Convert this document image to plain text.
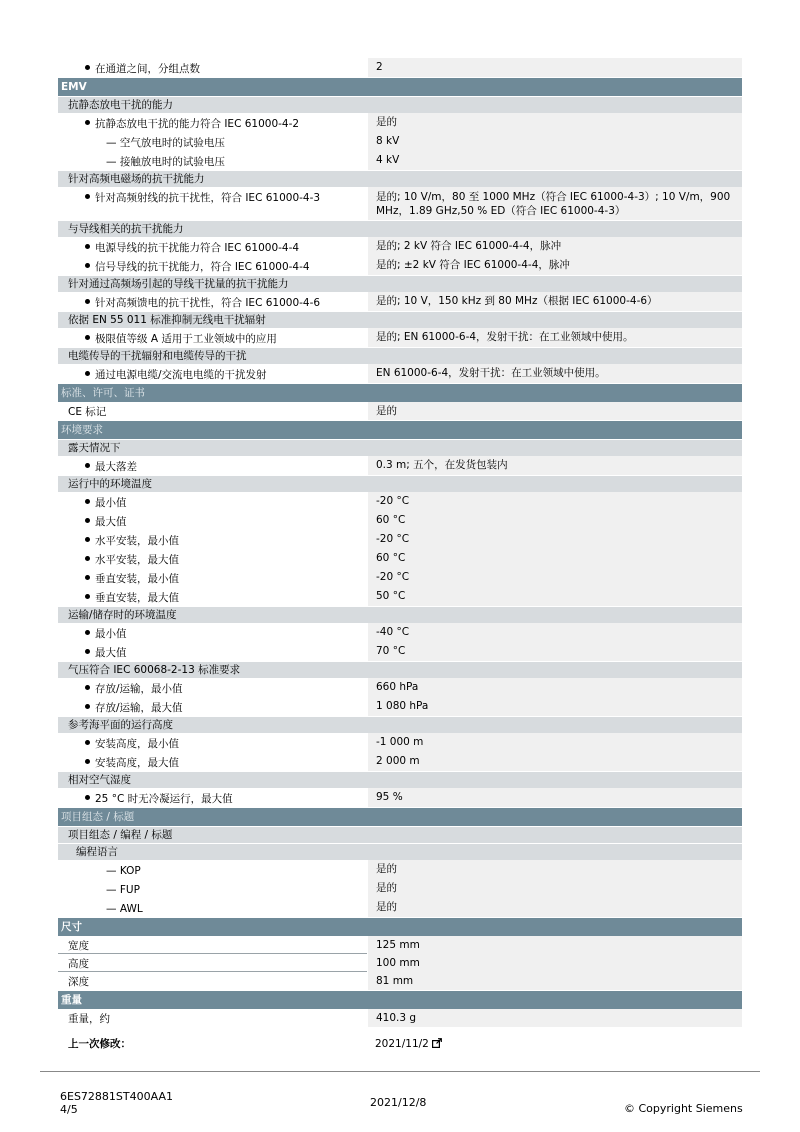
在通道之间，分组点数	2
EMV
抗静态放电干扰的能力
抗静态放电干扰的能力符合 IEC 61000-4-2	是的
— 空气放电时的试验电压	8 kV
— 接触放电时的试验电压	4 kV
针对高频电磁场的抗干扰能力
针对高频射线的抗干扰性，符合 IEC 61000-4-3	是的; 10 V/m，80 至 1000 MHz（符合 IEC 61000-4-3）; 10 V/m，900 MHz，1.89 GHz,50 % ED（符合 IEC 61000-4-3）
与导线相关的抗干扰能力
电源导线的抗干扰能力符合 IEC 61000-4-4	是的; 2 kV 符合 IEC 61000-4-4，脉冲
信号导线的抗干扰能力，符合 IEC 61000-4-4	是的; ±2 kV 符合 IEC 61000-4-4，脉冲
针对通过高频场引起的导线干扰量的抗干扰能力
针对高频馈电的抗干扰性，符合 IEC 61000-4-6	是的; 10 V，150 kHz 到 80 MHz（根据 IEC 61000-4-6）
依据 EN 55 011 标准抑制无线电干扰辐射
极限值等级 A 适用于工业领域中的应用	是的; EN 61000-6-4，发射干扰：在工业领域中使用。
电缆传导的干扰辐射和电缆传导的干扰
通过电源电缆/交流电电缆的干扰发射	EN 61000-6-4，发射干扰：在工业领域中使用。
标准、许可、证书
CE 标记	是的
环境要求
露天情况下
最大落差	0.3 m; 五个，在发货包装内
运行中的环境温度
最小值	-20 °C
最大值	60 °C
水平安装，最小值	-20 °C
水平安装，最大值	60 °C
垂直安装，最小值	-20 °C
垂直安装，最大值	50 °C
运输/储存时的环境温度
最小值	-40 °C
最大值	70 °C
气压符合 IEC 60068-2-13 标准要求
存放/运输，最小值	660 hPa
存放/运输，最大值	1 080 hPa
参考海平面的运行高度
安装高度，最小值	-1 000 m
安装高度，最大值	2 000 m
相对空气湿度
25 °C 时无冷凝运行，最大值	95 %
项目组态 / 标题
项目组态 / 编程 / 标题
编程语言
— KOP	是的
— FUP	是的
— AWL	是的
尺寸
宽度	125 mm
高度	100 mm
深度	81 mm
重量
重量，约	410.3 g
上一次修改：	2021/11/2
6ES72881ST400AA1
4/5
2021/12/8	© Copyright Siemens
